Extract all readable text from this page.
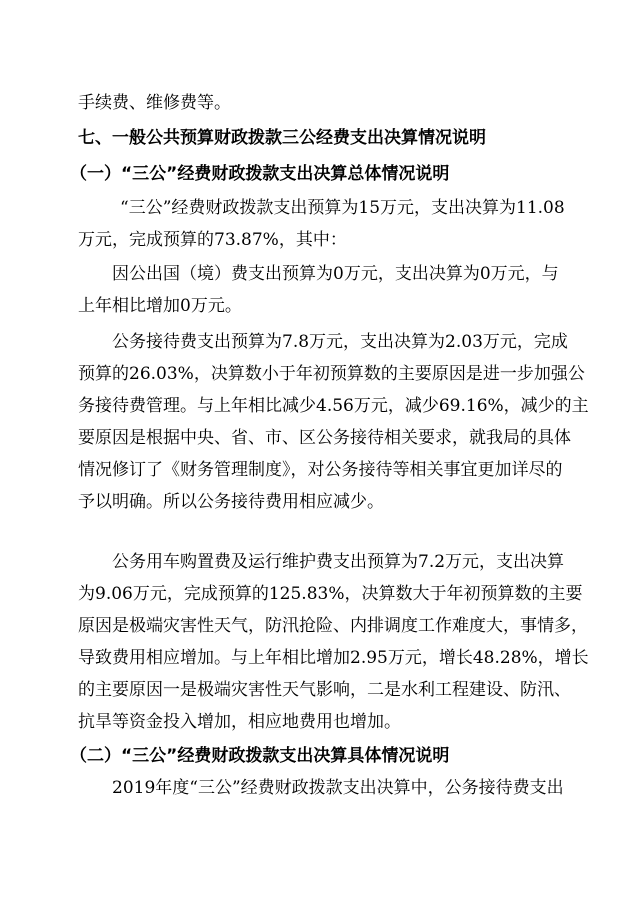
手续费、维修费等。
七、一般公共预算财政拨款三公经费支出决算情况说明
（一）“三公”经费财政拨款支出决算总体情况说明
“三公”经费财政拨款支出预算为15万元，支出决算为11.08
万元，完成预算的73.87%，其中：
因公出国（境）费支出预算为0万元，支出决算为0万元，与
上年相比增加0万元。
公务接待费支出预算为7.8万元，支出决算为2.03万元，完成
预算的26.03%，决算数小于年初预算数的主要原因是进一步加强公
务接待费管理。与上年相比减少4.56万元，减少69.16%，减少的主
要原因是根据中央、省、市、区公务接待相关要求，就我局的具体
情况修订了《财务管理制度》，对公务接待等相关事宜更加详尽的
予以明确。所以公务接待费用相应减少。
公务用车购置费及运行维护费支出预算为7.2万元，支出决算
为9.06万元，完成预算的125.83%，决算数大于年初预算数的主要
原因是极端灾害性天气，防汛抢险、内排调度工作难度大，事情多，
导致费用相应增加。与上年相比增加2.95万元，增长48.28%，增长
的主要原因一是极端灾害性天气影响，二是水利工程建设、防汛、
抗旱等资金投入增加，相应地费用也增加。
（二）“三公”经费财政拨款支出决算具体情况说明
2019年度“三公”经费财政拨款支出决算中，公务接待费支出
